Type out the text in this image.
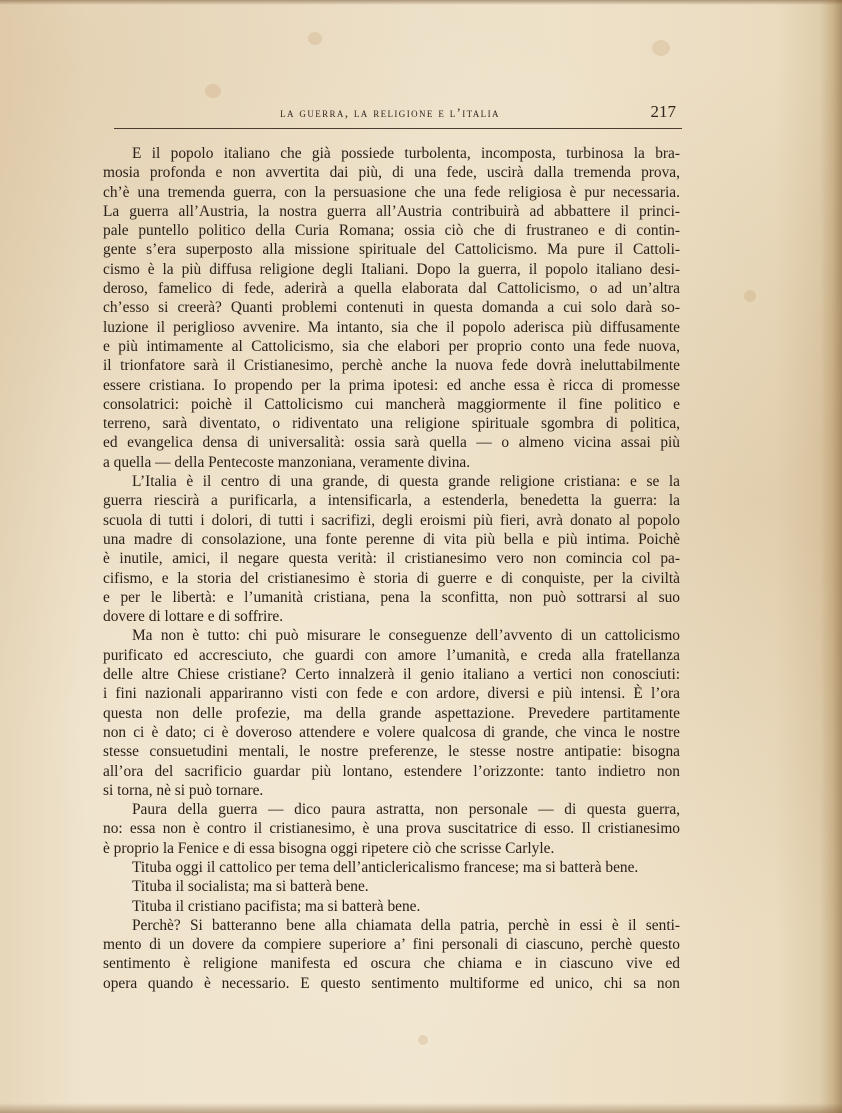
la guerra, la religione e l’italia	217
E il popolo italiano che già possiede turbolenta, incomposta, turbinosa la bra-
mosia profonda e non avvertita dai più, di una fede, uscirà dalla tremenda prova,
ch’è una tremenda guerra, con la persuasione che una fede religiosa è pur necessaria.
La guerra all’Austria, la nostra guerra all’Austria contribuirà ad abbattere il princi-
pale puntello politico della Curia Romana; ossia ciò che di frustraneo e di contin-
gente s’era superposto alla missione spirituale del Cattolicismo. Ma pure il Cattoli-
cismo è la più diffusa religione degli Italiani. Dopo la guerra, il popolo italiano desi-
deroso, famelico di fede, aderirà a quella elaborata dal Cattolicismo, o ad un’altra
ch’esso si creerà? Quanti problemi contenuti in questa domanda a cui solo darà so-
luzione il periglioso avvenire. Ma intanto, sia che il popolo aderisca più diffusamente
e più intimamente al Cattolicismo, sia che elabori per proprio conto una fede nuova,
il trionfatore sarà il Cristianesimo, perchè anche la nuova fede dovrà ineluttabilmente
essere cristiana. Io propendo per la prima ipotesi: ed anche essa è ricca di promesse
consolatrici: poichè il Cattolicismo cui mancherà maggiormente il fine politico e
terreno, sarà diventato, o ridiventato una religione spirituale sgombra di politica,
ed evangelica densa di universalità: ossia sarà quella — o almeno vicina assai più
a quella — della Pentecoste manzoniana, veramente divina.
L’Italia è il centro di una grande, di questa grande religione cristiana: e se la
guerra riescirà a purificarla, a intensificarla, a estenderla, benedetta la guerra: la
scuola di tutti i dolori, di tutti i sacrifizi, degli eroismi più fieri, avrà donato al popolo
una madre di consolazione, una fonte perenne di vita più bella e più intima. Poichè
è inutile, amici, il negare questa verità: il cristianesimo vero non comincia col pa-
cifismo, e la storia del cristianesimo è storia di guerre e di conquiste, per la civiltà
e per le libertà: e l’umanità cristiana, pena la sconfitta, non può sottrarsi al suo
dovere di lottare e di soffrire.
Ma non è tutto: chi può misurare le conseguenze dell’avvento di un cattolicismo
purificato ed accresciuto, che guardi con amore l’umanità, e creda alla fratellanza
delle altre Chiese cristiane? Certo innalzerà il genio italiano a vertici non conosciuti:
i fini nazionali appariranno visti con fede e con ardore, diversi e più intensi. È l’ora
questa non delle profezie, ma della grande aspettazione. Prevedere partitamente
non ci è dato; ci è doveroso attendere e volere qualcosa di grande, che vinca le nostre
stesse consuetudini mentali, le nostre preferenze, le stesse nostre antipatie: bisogna
all’ora del sacrificio guardar più lontano, estendere l’orizzonte: tanto indietro non
si torna, nè si può tornare.
Paura della guerra — dico paura astratta, non personale — di questa guerra,
no: essa non è contro il cristianesimo, è una prova suscitatrice di esso. Il cristianesimo
è proprio la Fenice e di essa bisogna oggi ripetere ciò che scrisse Carlyle.
Tituba oggi il cattolico per tema dell’anticlericalismo francese; ma si batterà bene.
Tituba il socialista; ma si batterà bene.
Tituba il cristiano pacifista; ma si batterà bene.
Perchè? Si batteranno bene alla chiamata della patria, perchè in essi è il senti-
mento di un dovere da compiere superiore a’ fini personali di ciascuno, perchè questo
sentimento è religione manifesta ed oscura che chiama e in ciascuno vive ed
opera quando è necessario. E questo sentimento multiforme ed unico, chi sa non
